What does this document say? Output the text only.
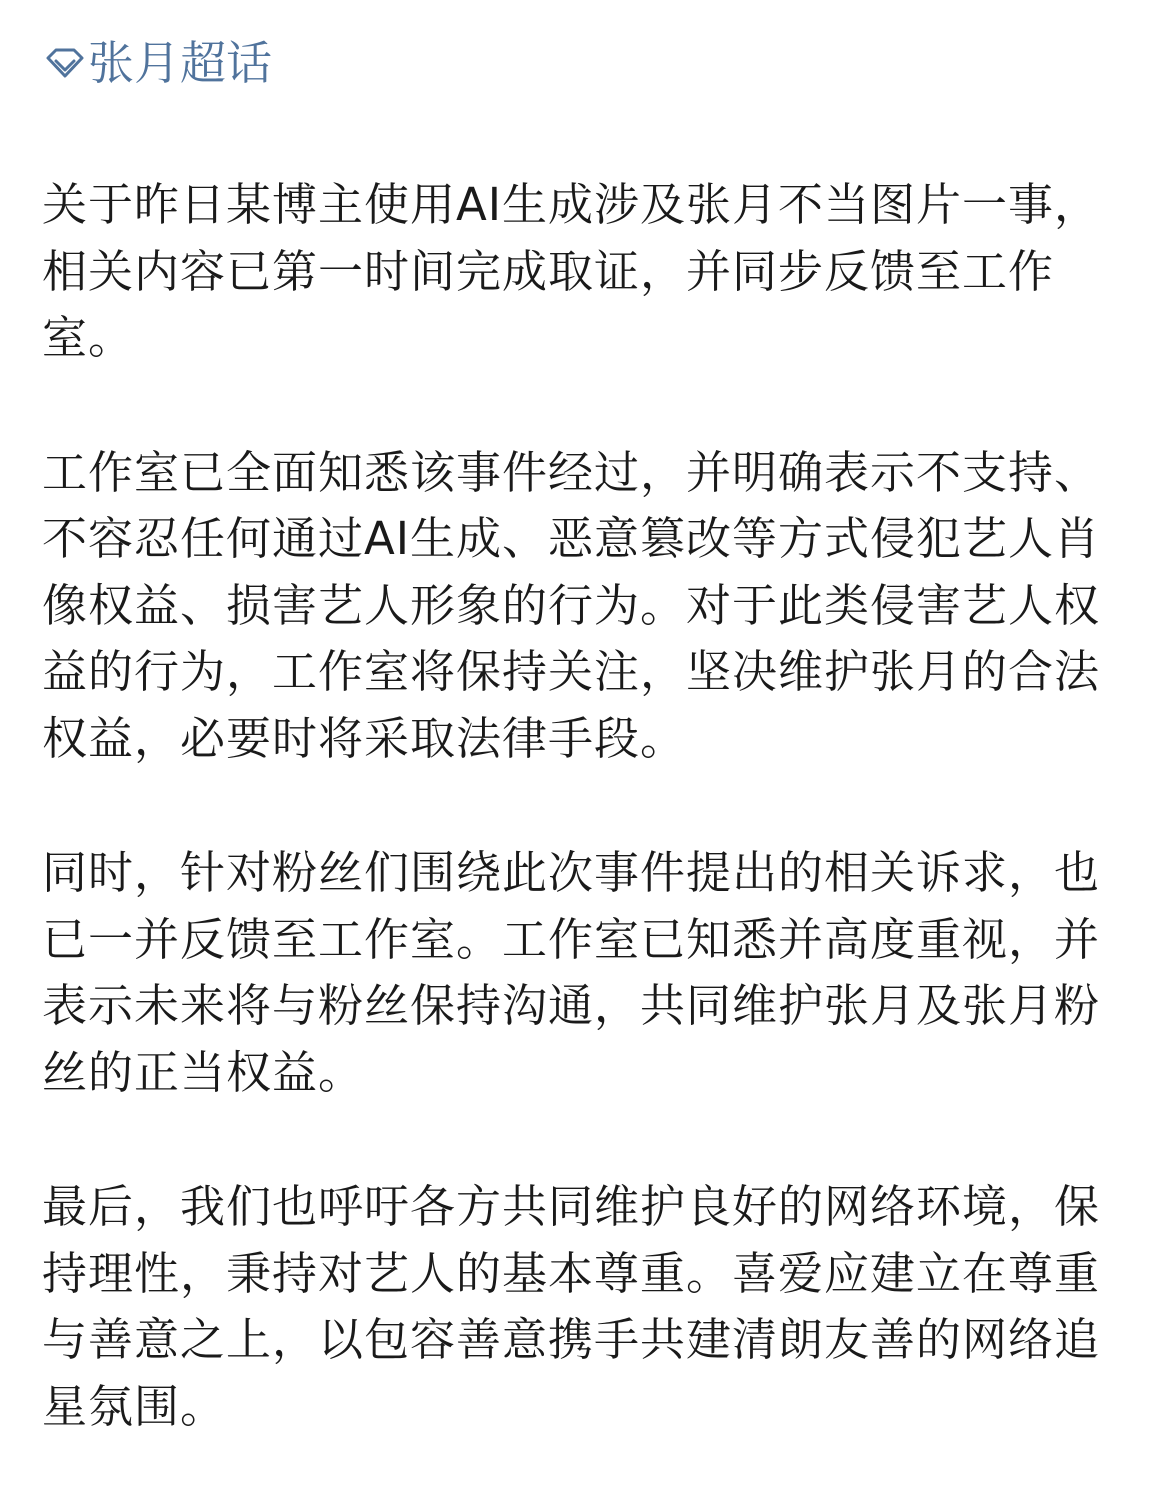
张月超话

关于昨日某博主使用AI生成涉及张月不当图片一事，相关内容已第一时间完成取证，并同步反馈至工作室。

工作室已全面知悉该事件经过，并明确表示不支持、不容忍任何通过AI生成、恶意篡改等方式侵犯艺人肖像权益、损害艺人形象的行为。对于此类侵害艺人权益的行为，工作室将保持关注，坚决维护张月的合法权益，必要时将采取法律手段。

同时，针对粉丝们围绕此次事件提出的相关诉求，也已一并反馈至工作室。工作室已知悉并高度重视，并表示未来将与粉丝保持沟通，共同维护张月及张月粉丝的正当权益。

最后，我们也呼吁各方共同维护良好的网络环境，保持理性，秉持对艺人的基本尊重。喜爱应建立在尊重与善意之上，以包容善意携手共建清朗友善的网络追星氛围。
